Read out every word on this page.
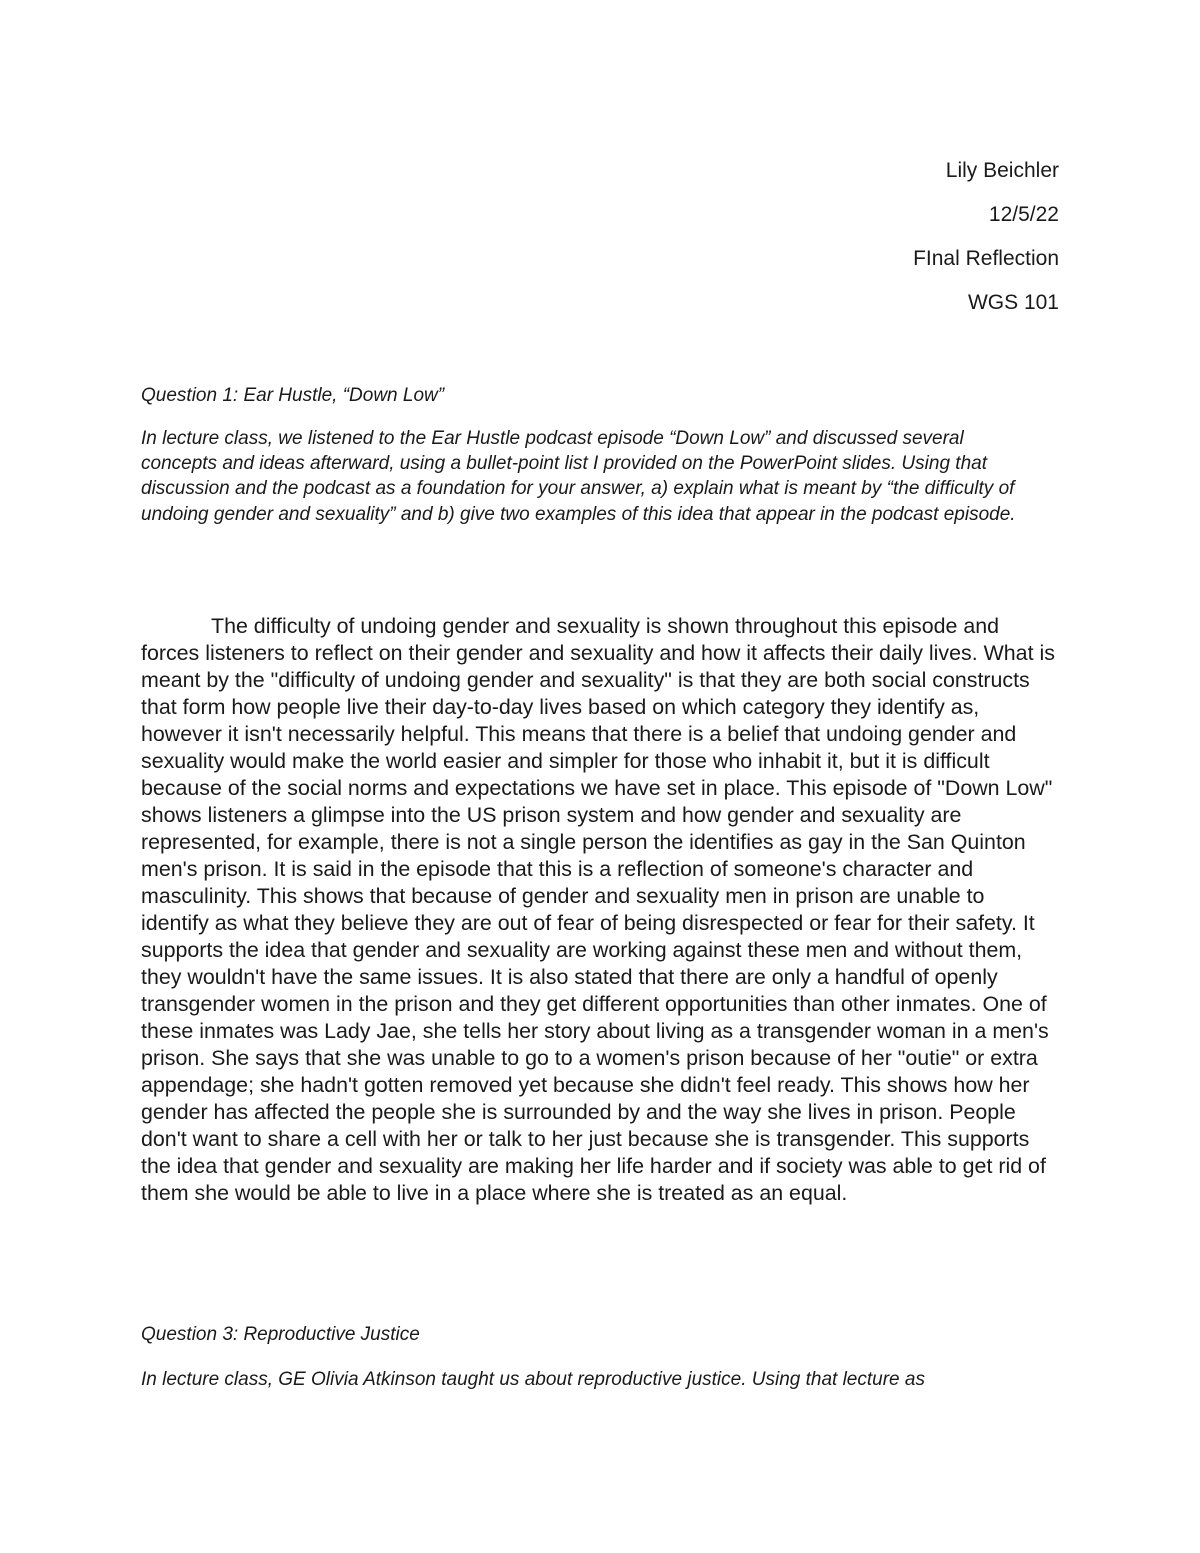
Lily Beichler
12/5/22
FInal Reflection
WGS 101
Question 1: Ear Hustle, “Down Low”
In lecture class, we listened to the Ear Hustle podcast episode “Down Low” and discussed several concepts and ideas afterward, using a bullet-point list I provided on the PowerPoint slides. Using that discussion and the podcast as a foundation for your answer, a) explain what is meant by “the difficulty of undoing gender and sexuality” and b) give two examples of this idea that appear in the podcast episode.

The difficulty of undoing gender and sexuality is shown throughout this episode and forces listeners to reflect on their gender and sexuality and how it affects their daily lives. What is meant by the "difficulty of undoing gender and sexuality" is that they are both social constructs that form how people live their day-to-day lives based on which category they identify as, however it isn't necessarily helpful. This means that there is a belief that undoing gender and sexuality would make the world easier and simpler for those who inhabit it, but it is difficult because of the social norms and expectations we have set in place. This episode of "Down Low" shows listeners a glimpse into the US prison system and how gender and sexuality are represented, for example, there is not a single person the identifies as gay in the San Quinton men's prison. It is said in the episode that this is a reflection of someone's character and masculinity. This shows that because of gender and sexuality men in prison are unable to identify as what they believe they are out of fear of being disrespected or fear for their safety. It supports the idea that gender and sexuality are working against these men and without them, they wouldn't have the same issues. It is also stated that there are only a handful of openly transgender women in the prison and they get different opportunities than other inmates. One of these inmates was Lady Jae, she tells her story about living as a transgender woman in a men's prison. She says that she was unable to go to a women's prison because of her "outie" or extra appendage; she hadn't gotten removed yet because she didn't feel ready. This shows how her gender has affected the people she is surrounded by and the way she lives in prison. People don't want to share a cell with her or talk to her just because she is transgender. This supports the idea that gender and sexuality are making her life harder and if society was able to get rid of them she would be able to live in a place where she is treated as an equal.

Question 3: Reproductive Justice
In lecture class, GE Olivia Atkinson taught us about reproductive justice. Using that lecture as
